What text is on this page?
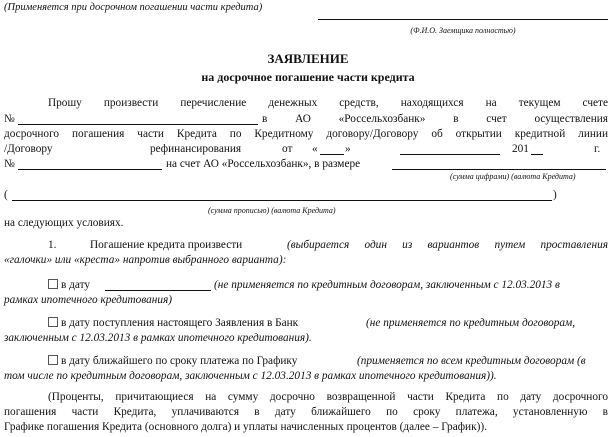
(Применяется при досрочном погашении части кредита)
(Ф.И.О. Заемщика полностью)
ЗАЯВЛЕНИЕ
на досрочное погашение части кредита
Прошу произвести перечисление денежных средств, находящихся на текущем счете
№	в АО «Россельхозбанк» в счет осуществления
досрочного погашения части Кредита по Кредитному договору/Договору об открытии кредитной линии
/Договору	рефинансирования	от « »	201	г.
№	на счет АО «Россельхозбанк», в размере
(сумма цифрами) (валюта Кредита)
(	)
(сумма прописью) (валюта Кредита)
на следующих условиях.
1.	Погашение кредита произвести	(выбирается один из вариантов путем проставления
«галочки» или «креста» напротив выбранного варианта):
в дату	(не применяется по кредитным договорам, заключенным с 12.03.2013 в
рамках ипотечного кредитования)
в дату поступления настоящего Заявления в Банк	(не применяется по кредитным договорам,
заключенным с 12.03.2013 в рамках ипотечного кредитования).
в дату ближайшего по сроку платежа по Графику	(применяется по всем кредитным договорам (в
том числе по кредитным договорам, заключенным с 12.03.2013 в рамках ипотечного кредитования)).
(Проценты, причитающиеся на сумму досрочно возвращенной части Кредита по дату досрочного
погашения части Кредита, уплачиваются в дату ближайшего по сроку платежа, установленную в
Графике погашения Кредита (основного долга) и уплаты начисленных процентов (далее – График)).
